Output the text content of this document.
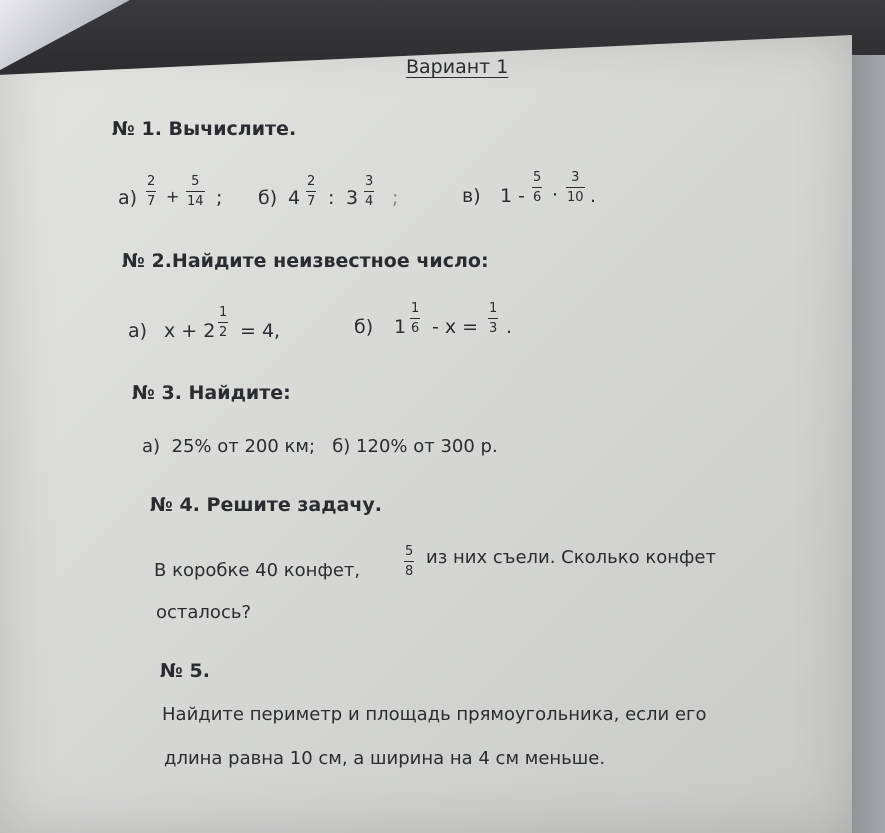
Вариант 1
№ 1. Вычислите.
$а) \frac{2}{7} + \frac{5}{14}$ ; б) $4 \frac{2}{7}$ : $3 \frac{3}{4}$ ;	в) $1 - \frac{5}{6} \cdot \frac{3}{10}$ .
№ 2.Найдите неизвестное число:
а) $x + 2 \frac{1}{2} = 4$,	б) $1 \frac{1}{6} - x = \frac{1}{3}$ .
№ 3. Найдите:
а)  25% от 200 км;   б) 120% от 300 р.
№ 4. Решите задачу.
В коробке 40 конфет,	$\frac{5}{8}$ из них съели. Сколько конфет
осталось?
№ 5.
Найдите периметр и площадь прямоугольника, если его
длина равна 10 см, а ширина на 4 см меньше.
